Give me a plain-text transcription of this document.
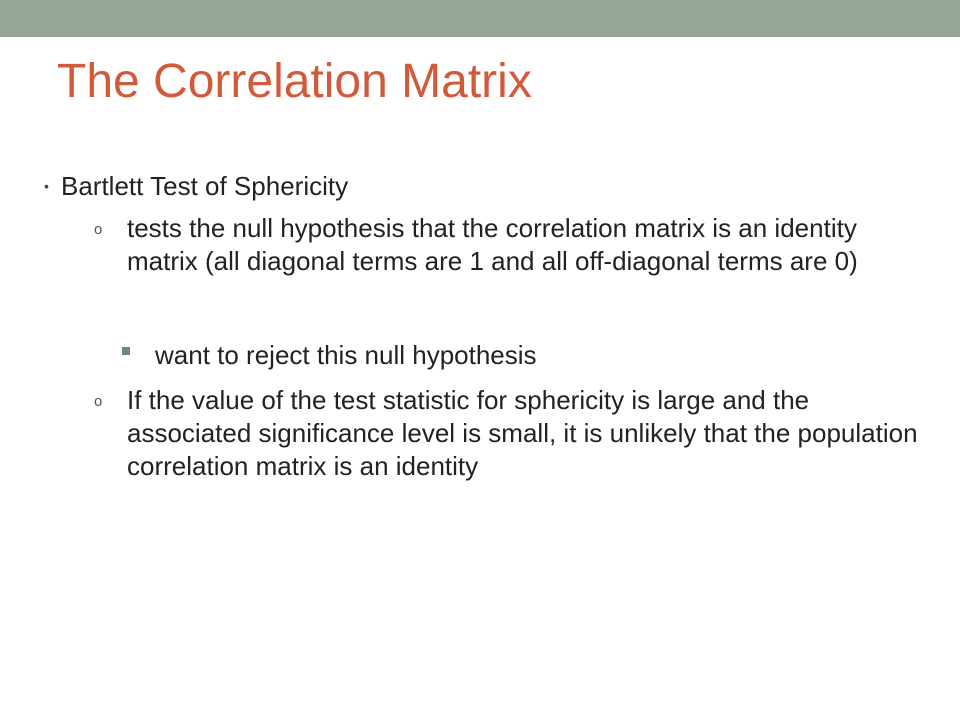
The Correlation Matrix
• Bartlett Test of Sphericity
o tests the null hypothesis that the correlation matrix is an identity matrix (all diagonal terms are 1 and all off-diagonal terms are 0)
want to reject this null hypothesis
o If the value of the test statistic for sphericity is large and the associated significance level is small, it is unlikely that the population correlation matrix is an identity
